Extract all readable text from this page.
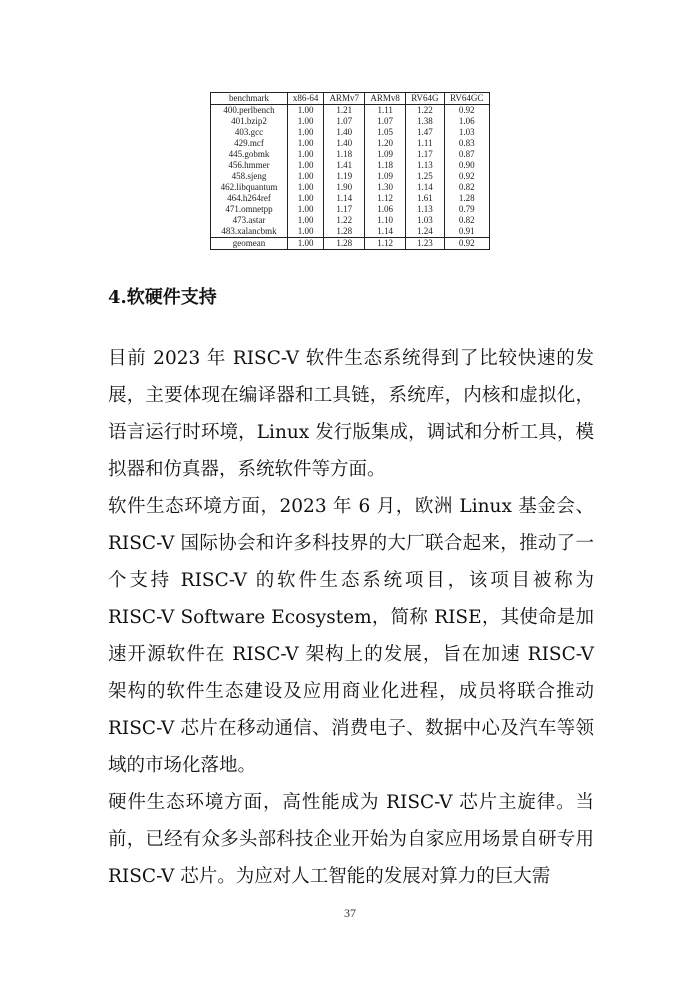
benchmark	x86-64	ARMv7	ARMv8	RV64G	RV64GC
400.perlbench	1.00	1.21	1.11	1.22	0.92
401.bzip2	1.00	1.07	1.07	1.38	1.06
403.gcc	1.00	1.40	1.05	1.47	1.03
429.mcf	1.00	1.40	1.20	1.11	0.83
445.gobmk	1.00	1.18	1.09	1.17	0.87
456.hmmer	1.00	1.41	1.18	1.13	0.90
458.sjeng	1.00	1.19	1.09	1.25	0.92
462.libquantum	1.00	1.90	1.30	1.14	0.82
464.h264ref	1.00	1.14	1.12	1.61	1.28
471.omnetpp	1.00	1.17	1.06	1.13	0.79
473.astar	1.00	1.22	1.10	1.03	0.82
483.xalancbmk	1.00	1.28	1.14	1.24	0.91
geomean	1.00	1.28	1.12	1.23	0.92
4.软硬件支持

目前 2023 年 RISC-V 软件生态系统得到了比较快速的发展，主要体现在编译器和工具链，系统库，内核和虚拟化，语言运行时环境，Linux 发行版集成，调试和分析工具，模拟器和仿真器，系统软件等方面。

软件生态环境方面，2023 年 6 月，欧洲 Linux 基金会、RISC-V 国际协会和许多科技界的大厂联合起来，推动了一个支持 RISC-V 的软件生态系统项目，该项目被称为 RISC-V Software Ecosystem，简称 RISE，其使命是加速开源软件在 RISC-V 架构上的发展，旨在加速 RISC-V 架构的软件生态建设及应用商业化进程，成员将联合推动 RISC-V 芯片在移动通信、消费电子、数据中心及汽车等领域的市场化落地。

硬件生态环境方面，高性能成为 RISC-V 芯片主旋律。当前，已经有众多头部科技企业开始为自家应用场景自研专用 RISC-V 芯片。为应对人工智能的发展对算力的巨大需

37
